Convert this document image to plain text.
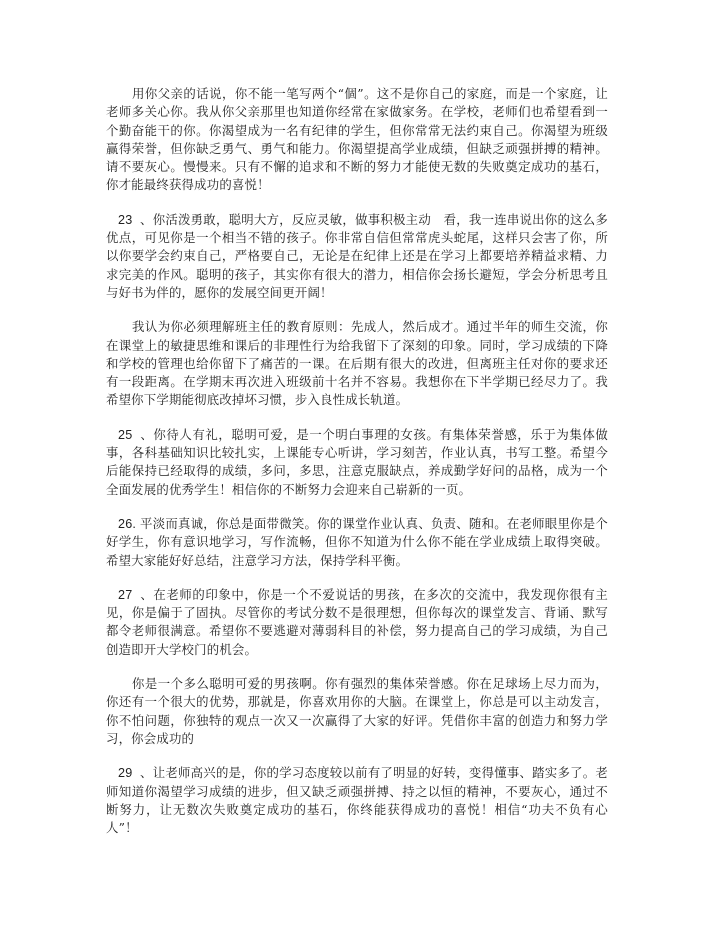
用你父亲的话说，你不能一笔写两个“個”。这不是你自己的家庭，而是一个家庭，让老师多关心你。我从你父亲那里也知道你经常在家做家务。在学校，老师们也希望看到一个勤奋能干的你。你渴望成为一名有纪律的学生，但你常常无法约束自己。你渴望为班级赢得荣誉，但你缺乏勇气、勇气和能力。你渴望提高学业成绩，但缺乏顽强拼搏的精神。请不要灰心。慢慢来。只有不懈的追求和不断的努力才能使无数的失败奠定成功的基石，你才能最终获得成功的喜悦！

23 、你活泼勇敢，聪明大方，反应灵敏，做事积极主动　看，我一连串说出你的这么多优点，可见你是一个相当不错的孩子。你非常自信但常常虎头蛇尾，这样只会害了你，所以你要学会约束自己，严格要自己，无论是在纪律上还是在学习上都要培养精益求精、力求完美的作风。聪明的孩子，其实你有很大的潜力，相信你会扬长避短，学会分析思考且与好书为伴的，愿你的发展空间更开阔！

我认为你必须理解班主任的教育原则：先成人，然后成才。通过半年的师生交流，你在课堂上的敏捷思维和课后的非理性行为给我留下了深刻的印象。同时，学习成绩的下降和学校的管理也给你留下了痛苦的一课。在后期有很大的改进，但离班主任对你的要求还有一段距离。在学期末再次进入班级前十名并不容易。我想你在下半学期已经尽力了。我希望你下学期能彻底改掉坏习惯，步入良性成长轨道。

25 、你待人有礼，聪明可爱，是一个明白事理的女孩。有集体荣誉感，乐于为集体做事，各科基础知识比较扎实，上课能专心听讲，学习刻苦，作业认真，书写工整。希望今后能保持已经取得的成绩，多问，多思，注意克服缺点，养成勤学好问的品格，成为一个全面发展的优秀学生！相信你的不断努力会迎来自己崭新的一页。

26. 平淡而真诚，你总是面带微笑。你的课堂作业认真、负责、随和。在老师眼里你是个好学生，你有意识地学习，写作流畅，但你不知道为什么你不能在学业成绩上取得突破。希望大家能好好总结，注意学习方法，保持学科平衡。

27 、在老师的印象中，你是一个不爱说话的男孩，在多次的交流中，我发现你很有主见，你是偏于了固执。尽管你的考试分数不是很理想，但你每次的课堂发言、背诵、默写都令老师很满意。希望你不要逃避对薄弱科目的补偿，努力提高自己的学习成绩，为自己创造即开大学校门的机会。

你是一个多么聪明可爱的男孩啊。你有强烈的集体荣誉感。你在足球场上尽力而为，你还有一个很大的优势，那就是，你喜欢用你的大脑。在课堂上，你总是可以主动发言，你不怕问题，你独特的观点一次又一次赢得了大家的好评。凭借你丰富的创造力和努力学习，你会成功的

29 、让老师高兴的是，你的学习态度较以前有了明显的好转，变得懂事、踏实多了。老师知道你渴望学习成绩的进步，但又缺乏顽强拼搏、持之以恒的精神，不要灰心，通过不断努力，让无数次失败奠定成功的基石，你终能获得成功的喜悦！相信“功夫不负有心人”！
